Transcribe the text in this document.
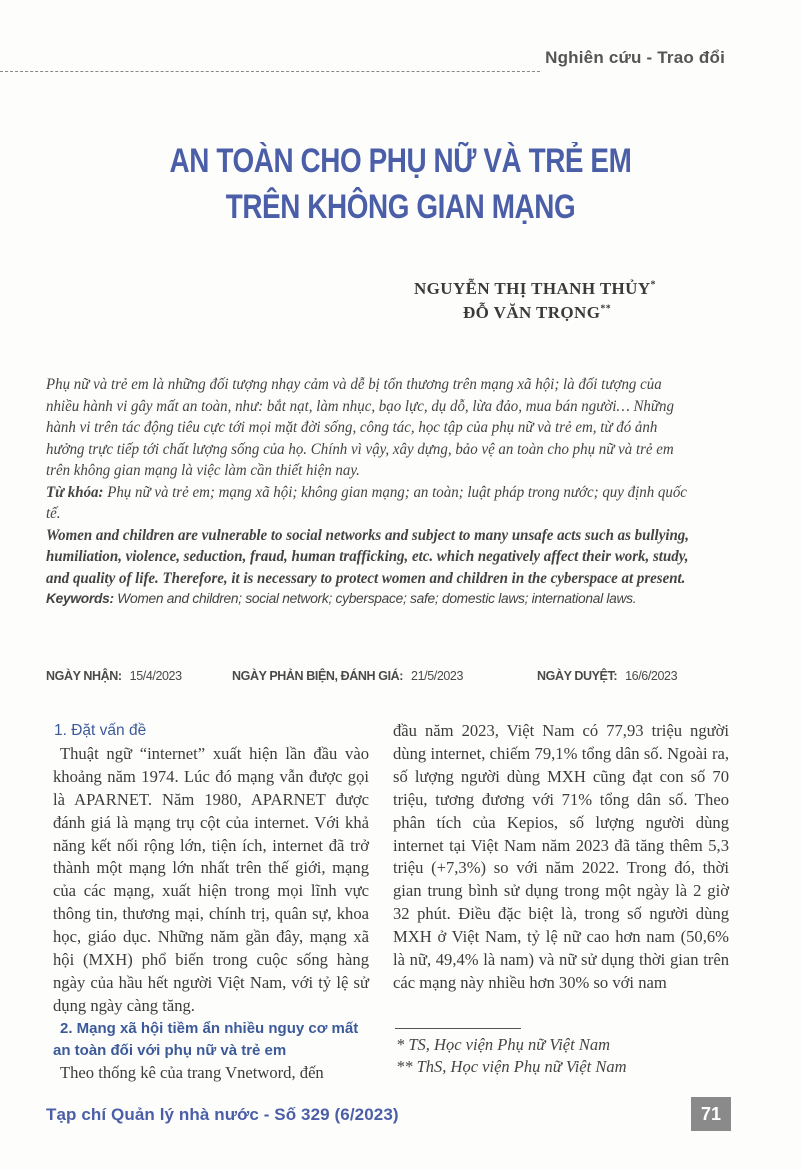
Nghiên cứu - Trao đổi
AN TOÀN CHO PHỤ NỮ VÀ TRẺ EM
TRÊN KHÔNG GIAN MẠNG
NGUYỄN THỊ THANH THỦY*
ĐỖ VĂN TRỌNG**

Phụ nữ và trẻ em là những đối tượng nhạy cảm và dễ bị tổn thương trên mạng xã hội; là đối tượng của nhiều hành vi gây mất an toàn, như: bắt nạt, làm nhục, bạo lực, dụ dỗ, lừa đảo, mua bán người… Những hành vi trên tác động tiêu cực tới mọi mặt đời sống, công tác, học tập của phụ nữ và trẻ em, từ đó ảnh hưởng trực tiếp tới chất lượng sống của họ. Chính vì vậy, xây dựng, bảo vệ an toàn cho phụ nữ và trẻ em trên không gian mạng là việc làm cần thiết hiện nay.

Từ khóa: Phụ nữ và trẻ em; mạng xã hội; không gian mạng; an toàn; luật pháp trong nước; quy định quốc tế.

Women and children are vulnerable to social networks and subject to many unsafe acts such as bullying, humiliation, violence, seduction, fraud, human trafficking, etc. which negatively affect their work, study, and quality of life. Therefore, it is necessary to protect women and children in the cyberspace at present.

Keywords: Women and children; social network; cyberspace; safe; domestic laws; international laws.

NGÀY NHẬN: 15/4/2023	NGÀY PHẢN BIỆN, ĐÁNH GIÁ: 21/5/2023	NGÀY DUYỆT: 16/6/2023

1. Đặt vấn đề

Thuật ngữ “internet” xuất hiện lần đầu vào khoảng năm 1974. Lúc đó mạng vẫn được gọi là APARNET. Năm 1980, APARNET được đánh giá là mạng trụ cột của internet. Với khả năng kết nối rộng lớn, tiện ích, internet đã trở thành một mạng lớn nhất trên thế giới, mạng của các mạng, xuất hiện trong mọi lĩnh vực thông tin, thương mại, chính trị, quân sự, khoa học, giáo dục. Những năm gần đây, mạng xã hội (MXH) phổ biến trong cuộc sống hàng ngày của hầu hết người Việt Nam, với tỷ lệ sử dụng ngày càng tăng.

2. Mạng xã hội tiềm ẩn nhiều nguy cơ mất an toàn đối với phụ nữ và trẻ em

Theo thống kê của trang Vnetword, đến

đầu năm 2023, Việt Nam có 77,93 triệu người dùng internet, chiếm 79,1% tổng dân số. Ngoài ra, số lượng người dùng MXH cũng đạt con số 70 triệu, tương đương với 71% tổng dân số. Theo phân tích của Kepios, số lượng người dùng internet tại Việt Nam năm 2023 đã tăng thêm 5,3 triệu (+7,3%) so với năm 2022. Trong đó, thời gian trung bình sử dụng trong một ngày là 2 giờ 32 phút. Điều đặc biệt là, trong số người dùng MXH ở Việt Nam, tỷ lệ nữ cao hơn nam (50,6% là nữ, 49,4% là nam) và nữ sử dụng thời gian trên các mạng này nhiều hơn 30% so với nam

* TS, Học viện Phụ nữ Việt Nam
** ThS, Học viện Phụ nữ Việt Nam
Tạp chí Quản lý nhà nước - Số 329 (6/2023)	71
